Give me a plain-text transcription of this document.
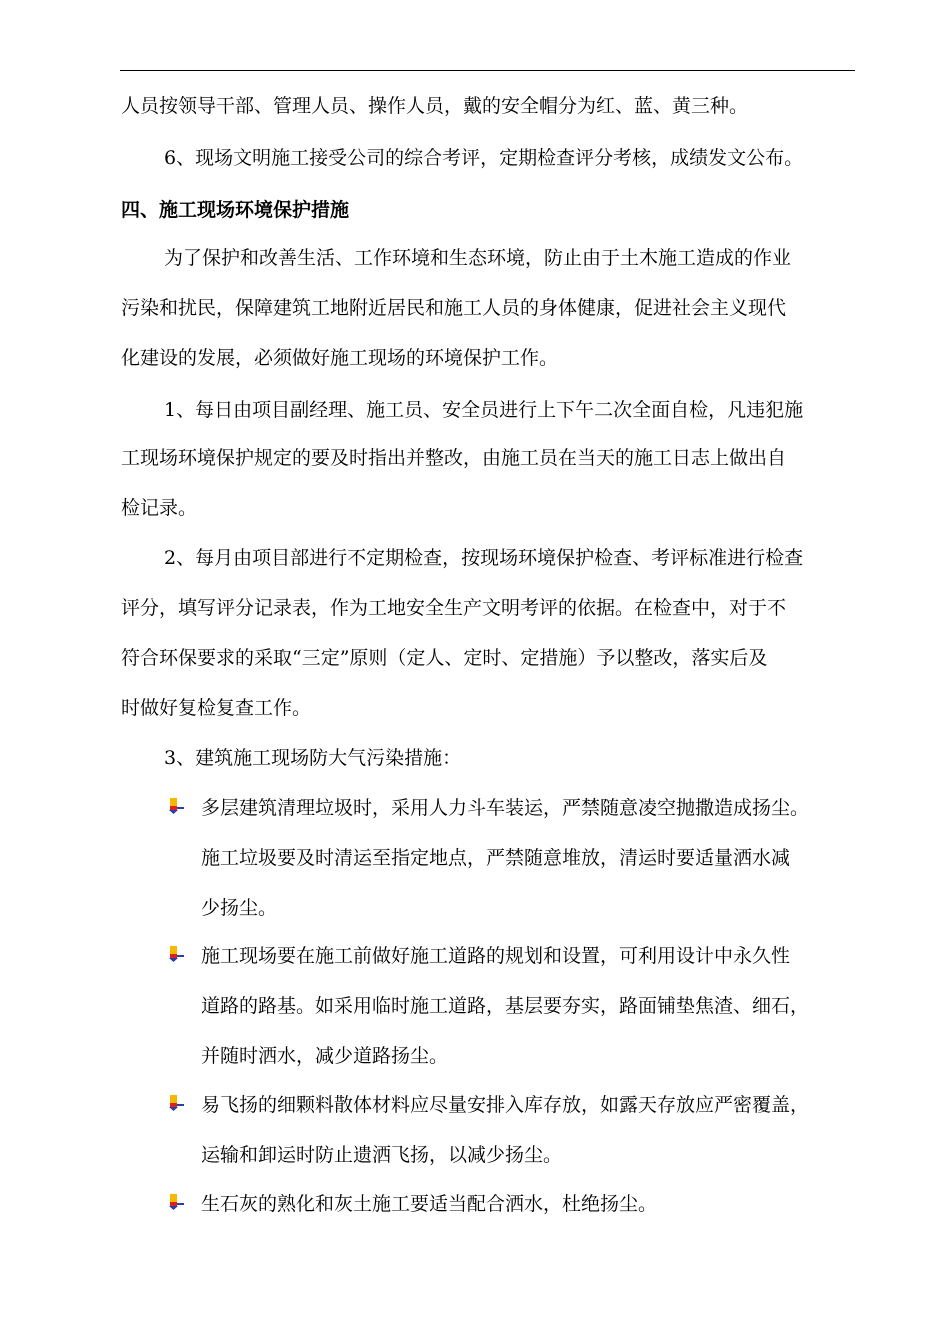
人员按领导干部、管理人员、操作人员，戴的安全帽分为红、蓝、黄三种。
6、现场文明施工接受公司的综合考评，定期检查评分考核，成绩发文公布。
四、施工现场环境保护措施
为了保护和改善生活、工作环境和生态环境，防止由于土木施工造成的作业
污染和扰民，保障建筑工地附近居民和施工人员的身体健康，促进社会主义现代
化建设的发展，必须做好施工现场的环境保护工作。
1、每日由项目副经理、施工员、安全员进行上下午二次全面自检，凡违犯施
工现场环境保护规定的要及时指出并整改，由施工员在当天的施工日志上做出自
检记录。
2、每月由项目部进行不定期检查，按现场环境保护检查、考评标准进行检查
评分，填写评分记录表，作为工地安全生产文明考评的依据。在检查中，对于不
符合环保要求的采取“三定”原则（定人、定时、定措施）予以整改，落实后及
时做好复检复查工作。
3、建筑施工现场防大气污染措施：
多层建筑清理垃圾时，采用人力斗车装运，严禁随意凌空抛撒造成扬尘。
施工垃圾要及时清运至指定地点，严禁随意堆放，清运时要适量洒水减
少扬尘。
施工现场要在施工前做好施工道路的规划和设置，可利用设计中永久性
道路的路基。如采用临时施工道路，基层要夯实，路面铺垫焦渣、细石，
并随时洒水，减少道路扬尘。
易飞扬的细颗料散体材料应尽量安排入库存放，如露天存放应严密覆盖，
运输和卸运时防止遗洒飞扬，以减少扬尘。
生石灰的熟化和灰土施工要适当配合洒水，杜绝扬尘。
